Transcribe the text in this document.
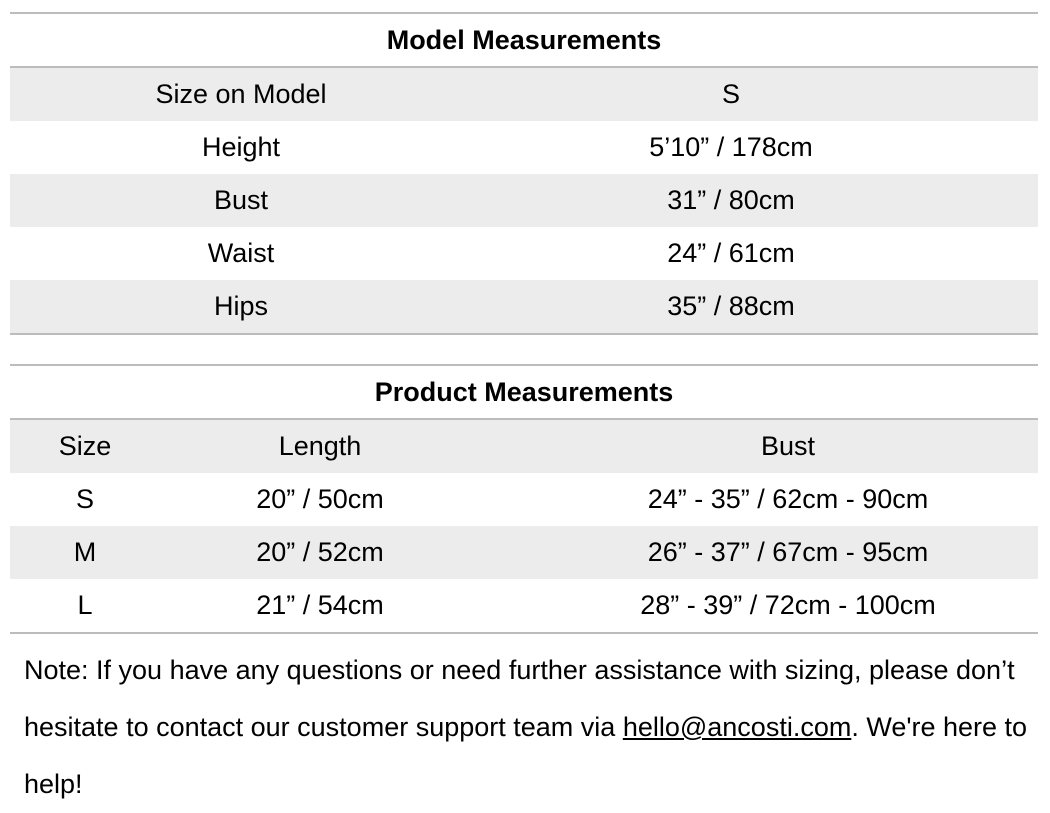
Model Measurements
Size on Model	S
Height	5’10” / 178cm
Bust	31” / 80cm
Waist	24” / 61cm
Hips	35” / 88cm
Product Measurements
Size	Length	Bust
S	20” / 50cm	24” - 35” / 62cm - 90cm
M	20” / 52cm	26” - 37” / 67cm - 95cm
L	21” / 54cm	28” - 39” / 72cm - 100cm
Note: If you have any questions or need further assistance with sizing, please don’t hesitate to contact our customer support team via hello@ancosti.com. We're here to help!
